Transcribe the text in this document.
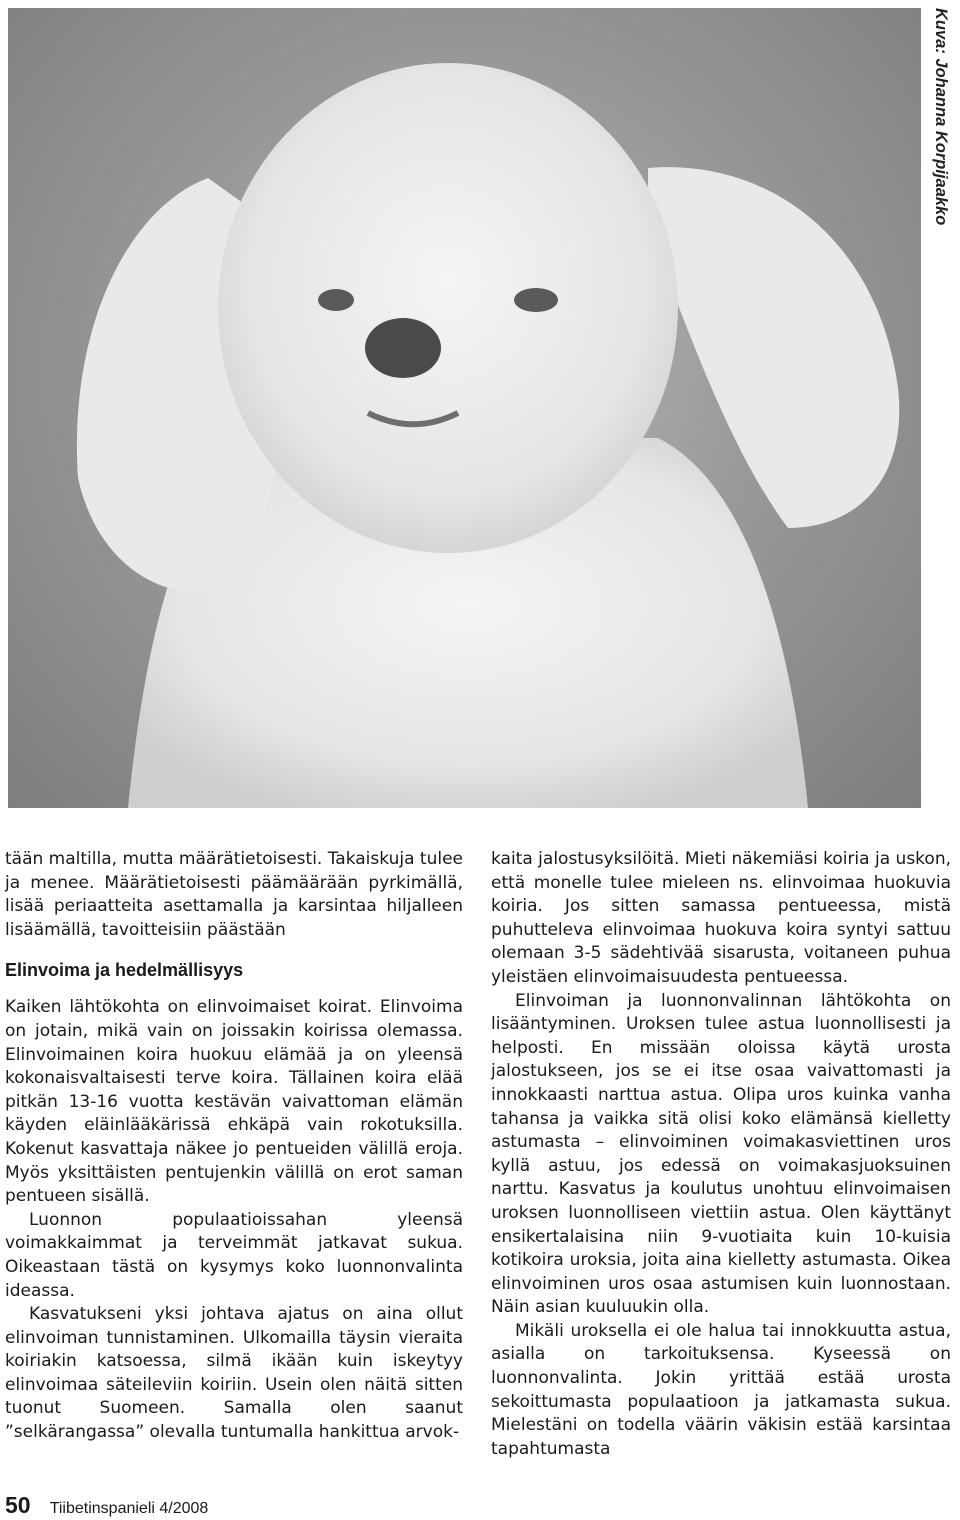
Kuva: Johanna Korpijaakko

tään maltilla, mutta määrätietoisesti. Takaiskuja tulee ja menee. Määrätietoisesti päämäärään pyrkimällä, lisää periaatteita asettamalla ja karsintaa hiljalleen lisäämällä, tavoitteisiin päästään

Elinvoima ja hedelmällisyys

Kaiken lähtökohta on elinvoimaiset koirat. Elinvoima on jotain, mikä vain on joissakin koirissa olemassa. Elinvoimainen koira huokuu elämää ja on yleensä kokonaisvaltaisesti terve koira. Tällainen koira elää pitkän 13-16 vuotta kestävän vaivattoman elämän käyden eläinlääkärissä ehkäpä vain rokotuksilla. Kokenut kasvattaja näkee jo pentueiden välillä eroja. Myös yksittäisten pentujenkin välillä on erot saman pentueen sisällä.

Luonnon populaatioissahan yleensä voimakkaimmat ja terveimmät jatkavat sukua. Oikeastaan tästä on kysymys koko luonnonvalinta ideassa.

Kasvatukseni yksi johtava ajatus on aina ollut elinvoiman tunnistaminen. Ulkomailla täysin vieraita koiriakin katsoessa, silmä ikään kuin iskeytyy elinvoimaa säteileviin koiriin. Usein olen näitä sitten tuonut Suomeen. Samalla olen saanut ”selkärangassa” olevalla tuntumalla hankittua arvok-

kaita jalostusyksilöitä. Mieti näkemiäsi koiria ja uskon, että monelle tulee mieleen ns. elinvoimaa huokuvia koiria. Jos sitten samassa pentueessa, mistä puhutteleva elinvoimaa huokuva koira syntyi sattuu olemaan 3-5 sädehtivää sisarusta, voitaneen puhua yleistäen elinvoimaisuudesta pentueessa.

Elinvoiman ja luonnonvalinnan lähtökohta on lisääntyminen. Uroksen tulee astua luonnollisesti ja helposti. En missään oloissa käytä urosta jalostukseen, jos se ei itse osaa vaivattomasti ja innokkaasti narttua astua. Olipa uros kuinka vanha tahansa ja vaikka sitä olisi koko elämänsä kielletty astumasta – elinvoiminen voimakasviettinen uros kyllä astuu, jos edessä on voimakasjuoksuinen narttu. Kasvatus ja koulutus unohtuu elinvoimaisen uroksen luonnolliseen viettiin astua. Olen käyttänyt ensikertalaisina niin 9-vuotiaita kuin 10-kuisia kotikoira uroksia, joita aina kielletty astumasta. Oikea elinvoiminen uros osaa astumisen kuin luonnostaan. Näin asian kuuluukin olla.

Mikäli uroksella ei ole halua tai innokkuutta astua, asialla on tarkoituksensa. Kyseessä on luonnonvalinta. Jokin yrittää estää urosta sekoittumasta populaatioon ja jatkamasta sukua. Mielestäni on todella väärin väkisin estää karsintaa tapahtumasta

50 Tiibetinspanieli 4/2008
